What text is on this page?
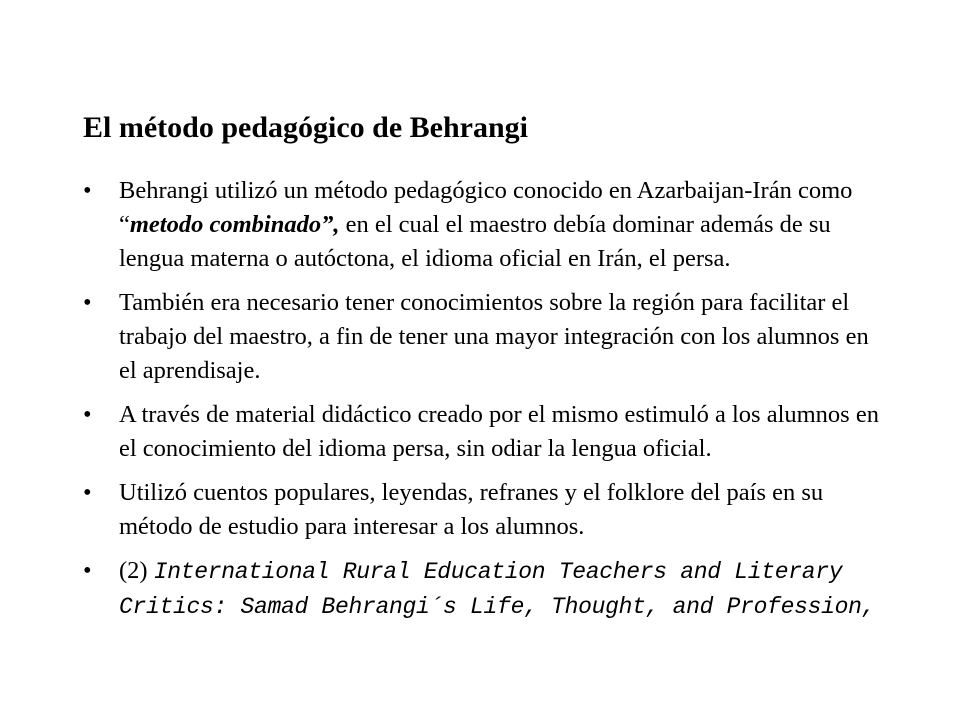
El método pedagógico de Behrangi
•	Behrangi utilizó un método pedagógico conocido en Azarbaijan-Irán como “metodo combinado”, en el cual el maestro debía dominar además de su lengua materna o autóctona, el idioma oficial en Irán, el persa.
•	También era necesario tener conocimientos sobre la región para facilitar el trabajo del maestro, a fin de tener una mayor integración con los alumnos en el aprendisaje.
•	A través de material didáctico creado por el mismo estimuló a los alumnos en el conocimiento del idioma persa, sin odiar la lengua oficial.
•	Utilizó cuentos populares, leyendas, refranes y el folklore del país en su método de estudio para interesar a los alumnos.
•	(2) International Rural Education Teachers and Literary Critics: Samad Behrangi´s Life, Thought, and Profession,
